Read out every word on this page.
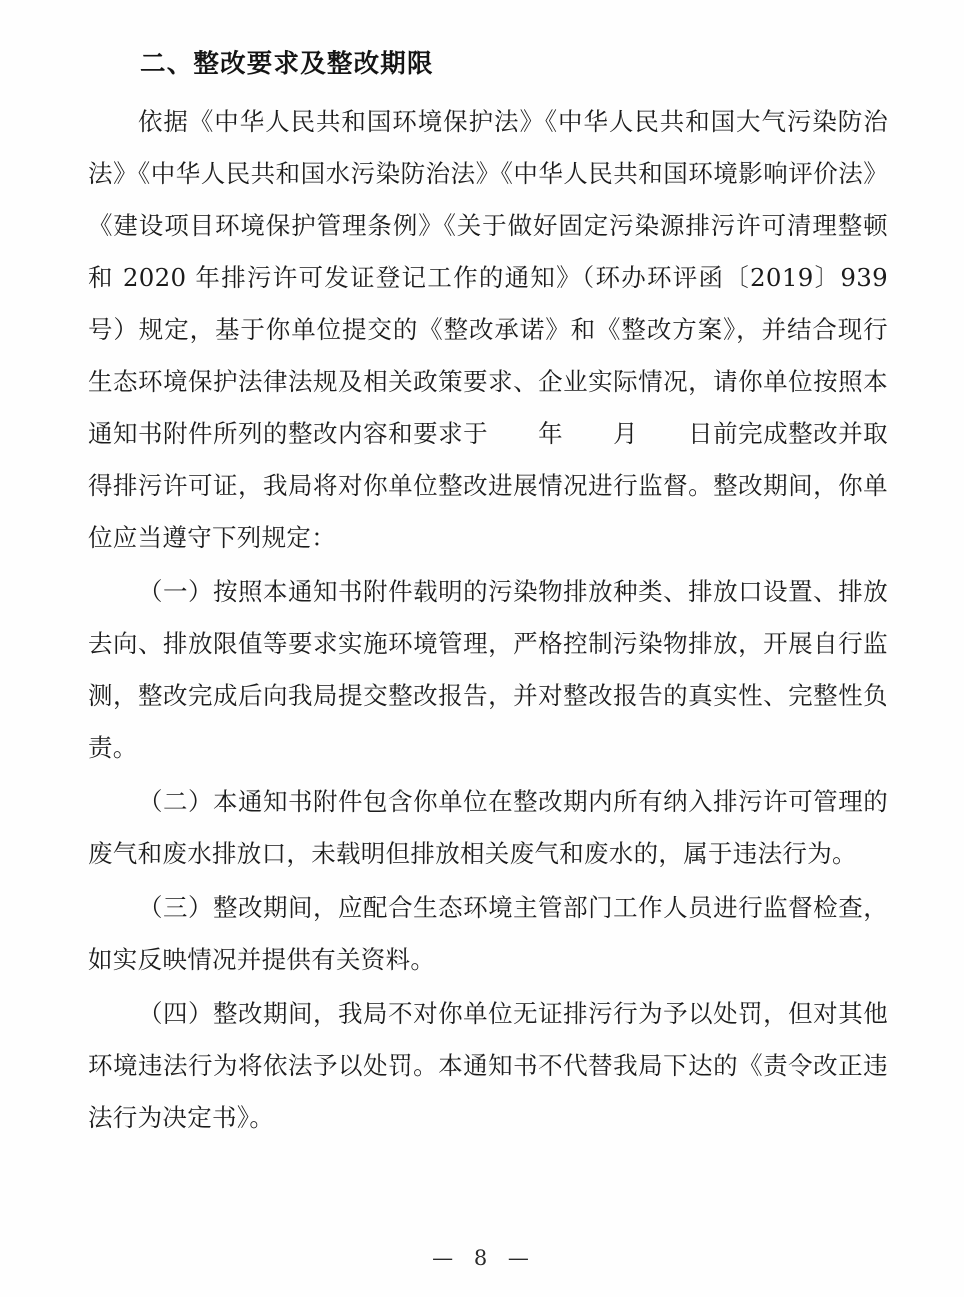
二、整改要求及整改期限

依据《中华人民共和国环境保护法》《中华人民共和国大气污染防治法》《中华人民共和国水污染防治法》《中华人民共和国环境影响评价法》《建设项目环境保护管理条例》《关于做好固定污染源排污许可清理整顿和 2020 年排污许可发证登记工作的通知》（环办环评函〔2019〕939 号）规定，基于你单位提交的《整改承诺》和《整改方案》，并结合现行生态环境保护法律法规及相关政策要求、企业实际情况，请你单位按照本通知书附件所列的整改内容和要求于　　年　　月　　日前完成整改并取得排污许可证，我局将对你单位整改进展情况进行监督。整改期间，你单位应当遵守下列规定：

（一）按照本通知书附件载明的污染物排放种类、排放口设置、排放去向、排放限值等要求实施环境管理，严格控制污染物排放，开展自行监测，整改完成后向我局提交整改报告，并对整改报告的真实性、完整性负责。

（二）本通知书附件包含你单位在整改期内所有纳入排污许可管理的废气和废水排放口，未载明但排放相关废气和废水的，属于违法行为。

（三）整改期间，应配合生态环境主管部门工作人员进行监督检查，如实反映情况并提供有关资料。

（四）整改期间，我局不对你单位无证排污行为予以处罚，但对其他环境违法行为将依法予以处罚。本通知书不代替我局下达的《责令改正违法行为决定书》。

— 8 —
